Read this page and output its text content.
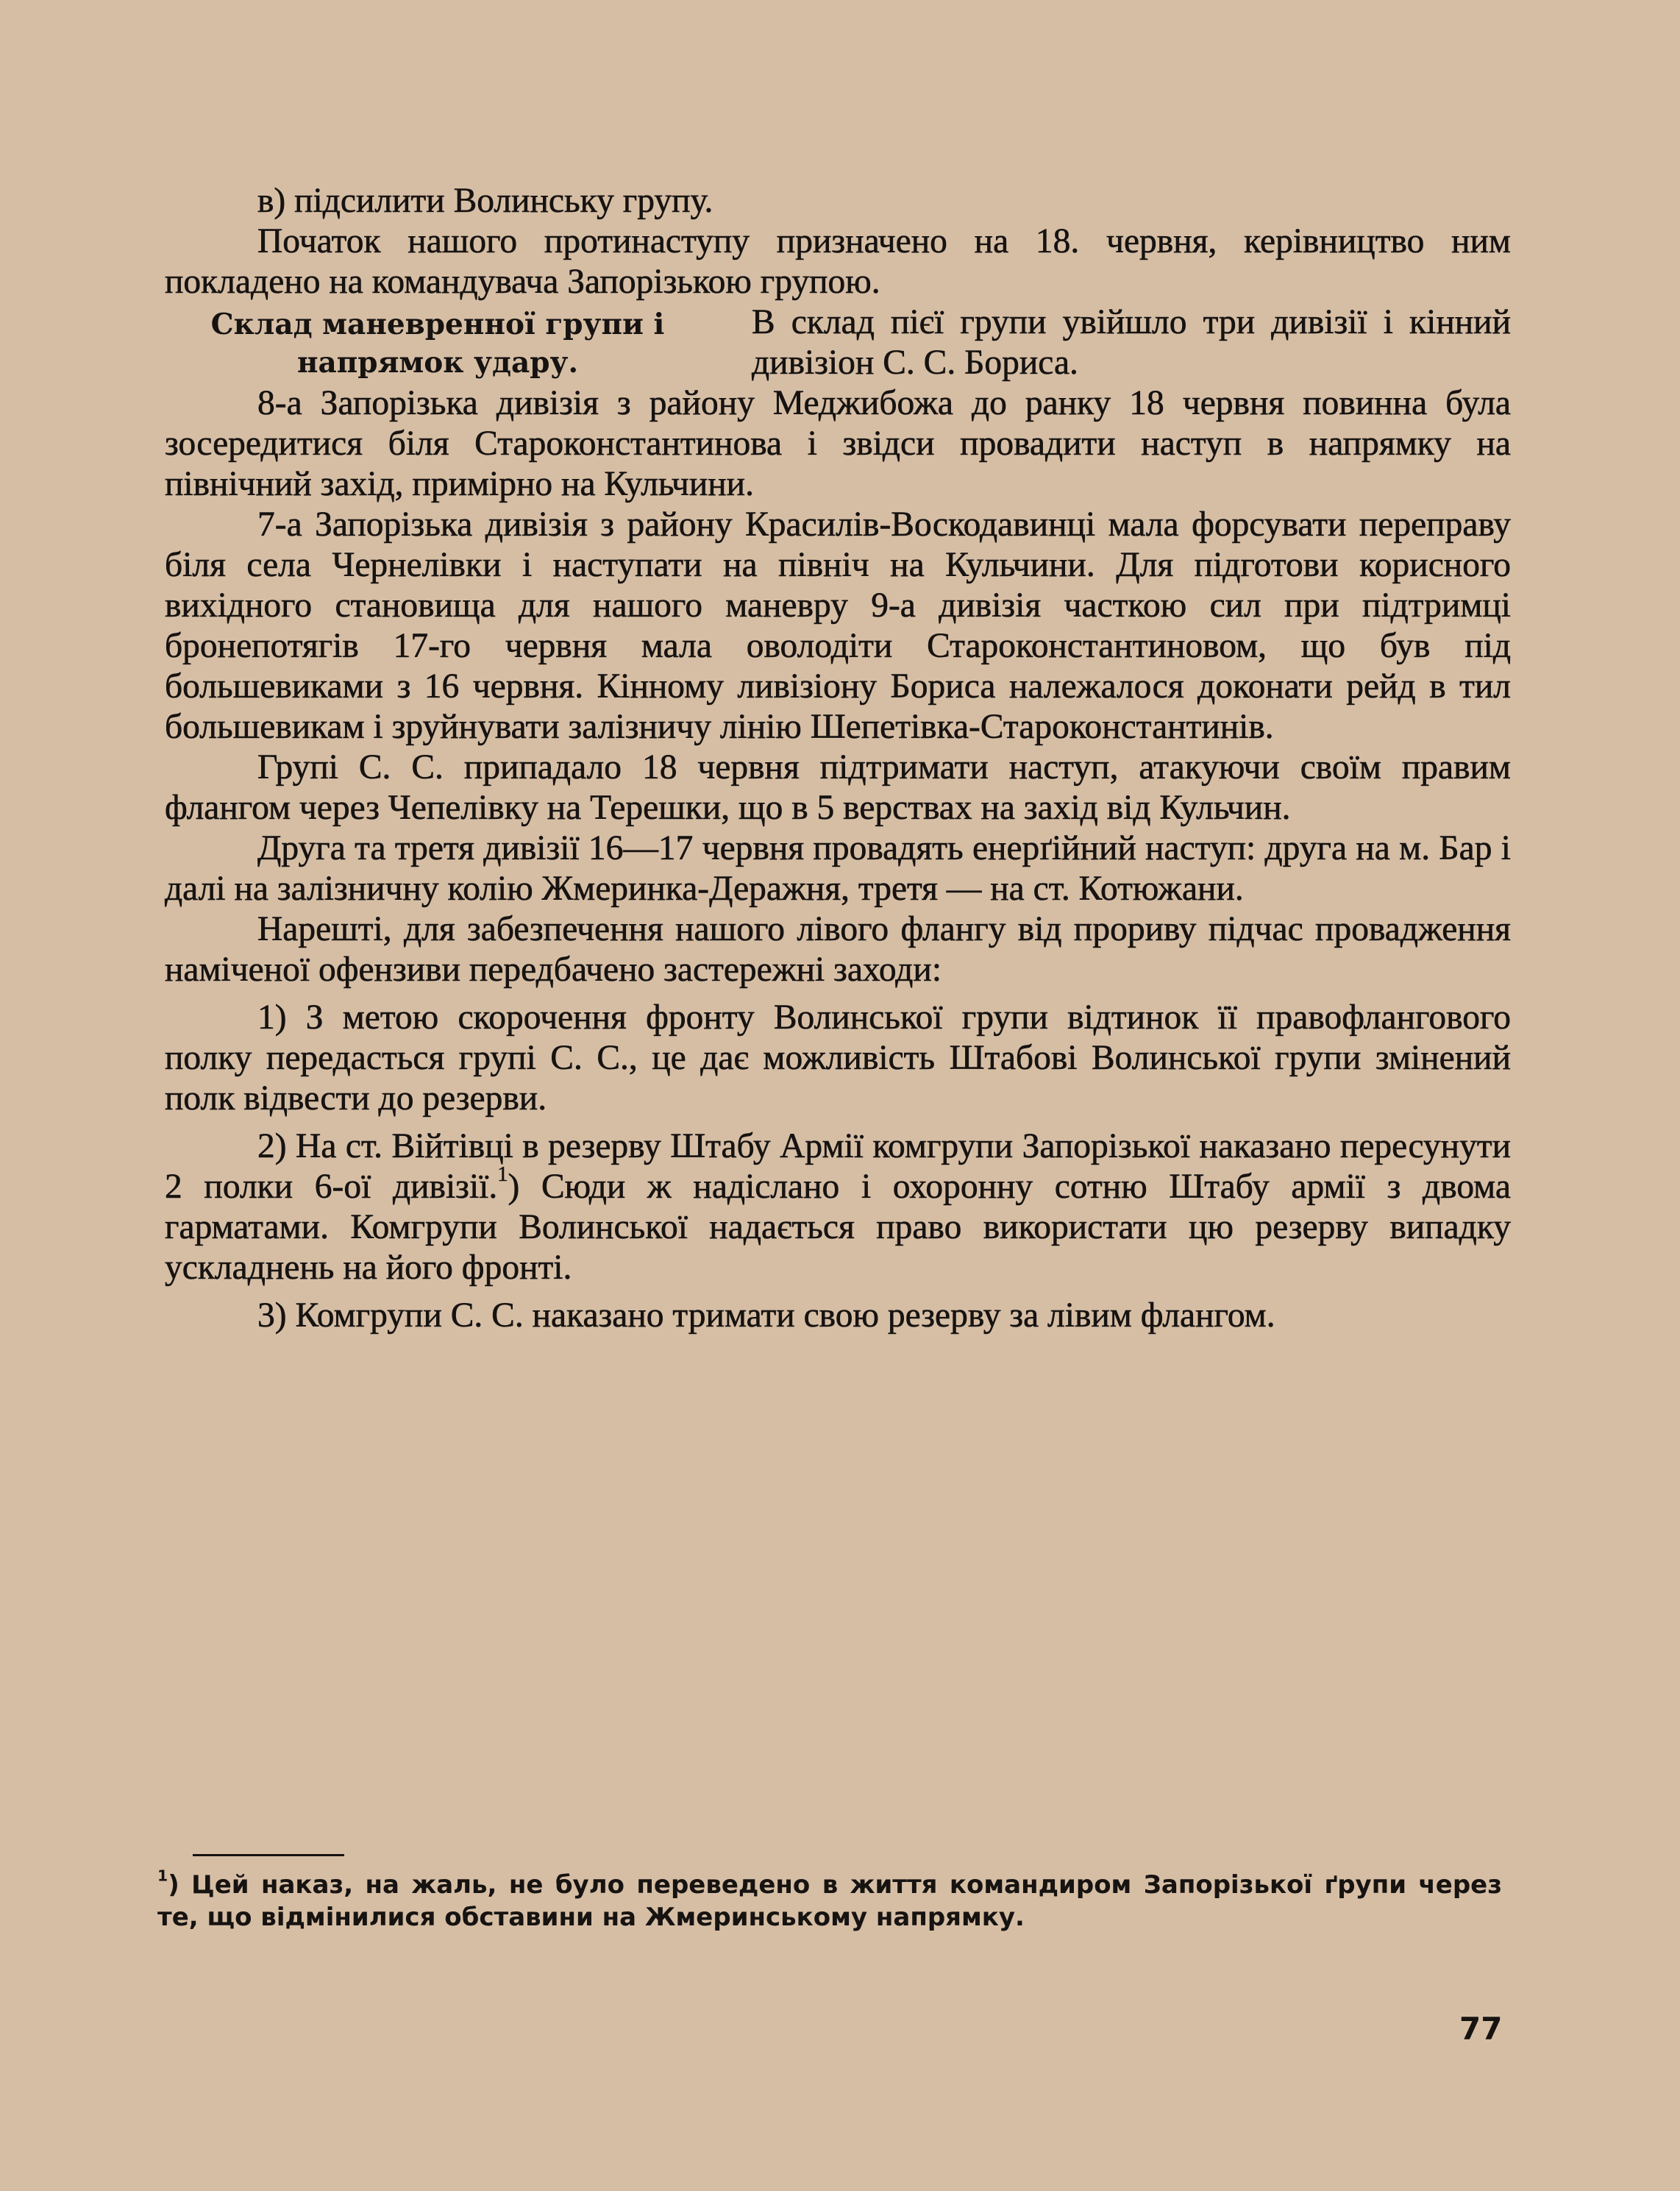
в) підсилити Волинську групу.

Початок нашого протинаступу призначено на 18. червня, керівництво ним покладено на командувача Запорізькою групою.

Склад маневренної групи і напрямок удару.

В склад пієї групи увійшло три дивізії і кінний дивізіон С. С. Бориса.

8-а Запорізька дивізія з району Меджибожа до ранку 18 червня повинна була зосередитися біля Староконстантинова і звідси провадити наступ в напрямку на північний захід, примірно на Кульчини.

7-а Запорізька дивізія з району Красилів-Воскодавинці мала форсувати переправу біля села Чернелівки і наступати на північ на Кульчини. Для підготови корисного вихідного становища для нашого маневру 9-а дивізія часткою сил при підтримці бронепотягів 17-го червня мала оволодіти Староконстантиновом, що був під большевиками з 16 червня. Кінному ливізіону Бориса належалося доконати рейд в тил большевикам і зруйнувати залізничу лінію Шепетівка-Староконстантинів.

Групі С. С. припадало 18 червня підтримати наступ, атакуючи своїм правим флангом через Чепелівку на Терешки, що в 5 верствах на захід від Кульчин.

Друга та третя дивізії 16—17 червня провадять енерґійний наступ: друга на м. Бар і далі на залізничну колію Жмеринка-Деражня, третя — на ст. Котюжани.

Нарешті, для забезпечення нашого лівого флангу від прориву підчас провадження наміченої офензиви передбачено застережні заходи:

1) З метою скорочення фронту Волинської групи відтинок її правофлангового полку передасться групі С. С., це дає можливість Штабові Волинської групи змінений полк відвести до резерви.

2) На ст. Війтівці в резерву Штабу Армії комгрупи Запорізької наказано пересунути 2 полки 6-ої дивізії.$^1$) Сюди ж надіслано і охоронну сотню Штабу армії з двома гарматами. Комгрупи Волинської надається право використати цю резерву випадку ускладнень на його фронті.

3) Комгрупи С. С. наказано тримати свою резерву за лівим флангом.

$^1$) Цей наказ, на жаль, не було переведено в життя командиром Запорізької ґрупи через те, що відмінилися обставини на Жмеринському напрямку.

77
